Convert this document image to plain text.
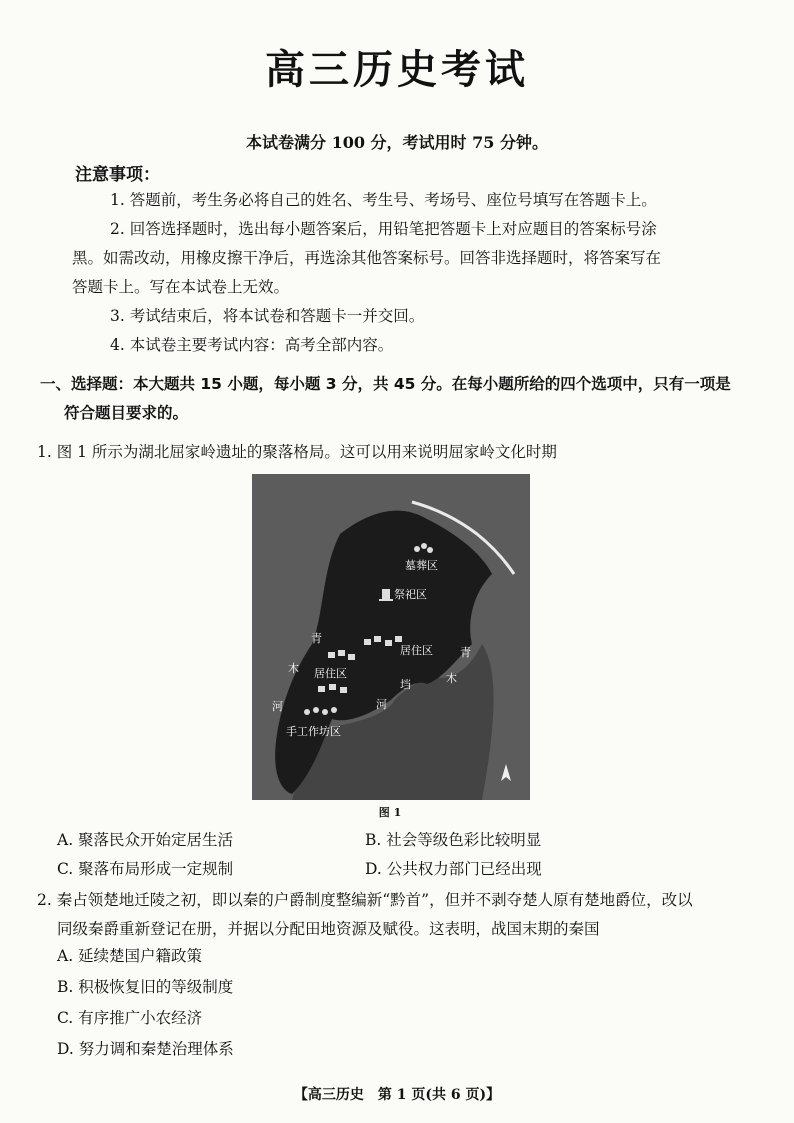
高三历史考试
本试卷满分 100 分，考试用时 75 分钟。
注意事项：

1. 答题前，考生务必将自己的姓名、考生号、考场号、座位号填写在答题卡上。

2. 回答选择题时，选出每小题答案后，用铅笔把答题卡上对应题目的答案标号涂

黑。如需改动，用橡皮擦干净后，再选涂其他答案标号。回答非选择题时，将答案写在

答题卡上。写在本试卷上无效。

3. 考试结束后，将本试卷和答题卡一并交回。

4. 本试卷主要考试内容：高考全部内容。

一、选择题：本大题共 15 小题，每小题 3 分，共 45 分。在每小题所给的四个选项中，只有一项是
符合题目要求的。

1. 图 1 所示为湖北屈家岭遗址的聚落格局。这可以用来说明屈家岭文化时期

墓葬区
祭祀区
居住区
居住区
手工作坊区
青
木
河
垱
河
青
木
图 1
A. 聚落民众开始定居生活	B. 社会等级色彩比较明显
C. 聚落布局形成一定规制	D. 公共权力部门已经出现

2. 秦占领楚地迁陵之初，即以秦的户爵制度整编新“黔首”，但并不剥夺楚人原有楚地爵位，改以

同级秦爵重新登记在册，并据以分配田地资源及赋役。这表明，战国末期的秦国

A. 延续楚国户籍政策
B. 积极恢复旧的等级制度
C. 有序推广小农经济
D. 努力调和秦楚治理体系
【高三历史　第 1 页(共 6 页)】
